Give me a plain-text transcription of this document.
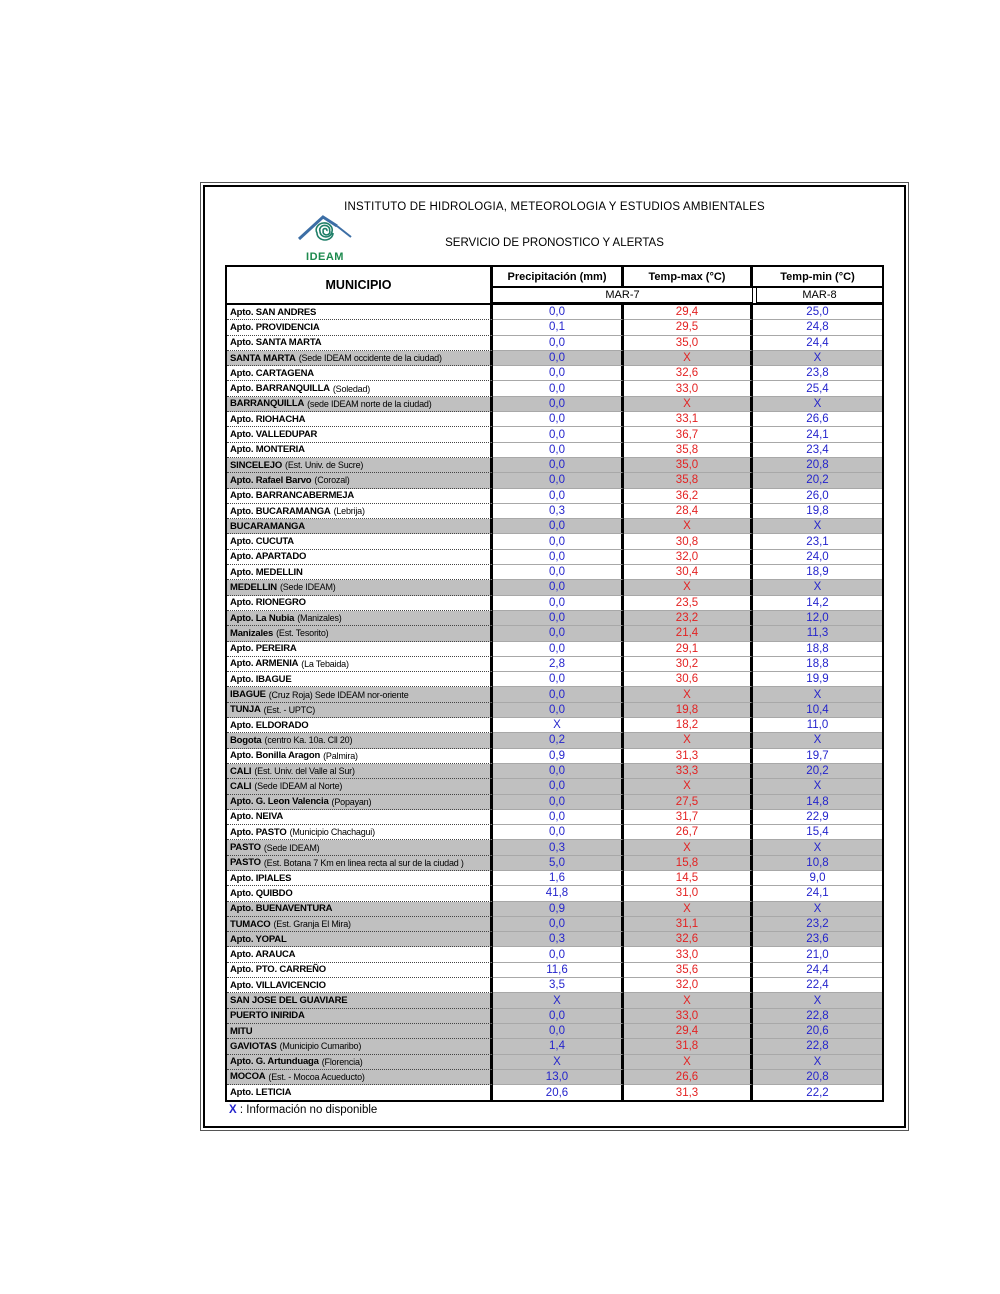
INSTITUTO DE HIDROLOGIA, METEOROLOGIA Y ESTUDIOS AMBIENTALES
IDEAM
SERVICIO DE PRONOSTICO Y ALERTAS
MUNICIPIO
Precipitación (mm)	Temp-max (°C)	Temp-min (°C)
MAR-7	MAR-8
Apto. SAN ANDRES	0,0	29,4	25,0
Apto. PROVIDENCIA	0,1	29,5	24,8
Apto. SANTA MARTA	0,0	35,0	24,4
SANTA MARTA (Sede IDEAM occidente de la ciudad)	0,0	X	X
Apto. CARTAGENA	0,0	32,6	23,8
Apto. BARRANQUILLA (Soledad)	0,0	33,0	25,4
BARRANQUILLA (sede IDEAM norte de la ciudad)	0,0	X	X
Apto. RIOHACHA	0,0	33,1	26,6
Apto. VALLEDUPAR	0,0	36,7	24,1
Apto. MONTERIA	0,0	35,8	23,4
SINCELEJO (Est. Univ. de Sucre)	0,0	35,0	20,8
Apto. Rafael Barvo (Corozal)	0,0	35,8	20,2
Apto. BARRANCABERMEJA	0,0	36,2	26,0
Apto. BUCARAMANGA (Lebrija)	0,3	28,4	19,8
BUCARAMANGA	0,0	X	X
Apto. CUCUTA	0,0	30,8	23,1
Apto. APARTADO	0,0	32,0	24,0
Apto. MEDELLIN	0,0	30,4	18,9
MEDELLIN (Sede IDEAM)	0,0	X	X
Apto. RIONEGRO	0,0	23,5	14,2
Apto. La Nubia (Manizales)	0,0	23,2	12,0
Manizales (Est. Tesorito)	0,0	21,4	11,3
Apto. PEREIRA	0,0	29,1	18,8
Apto. ARMENIA (La Tebaida)	2,8	30,2	18,8
Apto. IBAGUE	0,0	30,6	19,9
IBAGUE (Cruz Roja) Sede IDEAM nor-oriente	0,0	X	X
TUNJA (Est. - UPTC)	0,0	19,8	10,4
Apto. ELDORADO	X	18,2	11,0
Bogota (centro Ka. 10a. Cll 20)	0,2	X	X
Apto. Bonilla Aragon (Palmira)	0,9	31,3	19,7
CALI (Est. Univ. del Valle al Sur)	0,0	33,3	20,2
CALI (Sede IDEAM al Norte)	0,0	X	X
Apto. G. Leon Valencia (Popayan)	0,0	27,5	14,8
Apto. NEIVA	0,0	31,7	22,9
Apto. PASTO (Municipio Chachagui)	0,0	26,7	15,4
PASTO (Sede IDEAM)	0,3	X	X
PASTO (Est. Botana 7 Km en linea recta al sur de la ciudad )	5,0	15,8	10,8
Apto. IPIALES	1,6	14,5	9,0
Apto. QUIBDO	41,8	31,0	24,1
Apto. BUENAVENTURA	0,9	X	X
TUMACO (Est. Granja El Mira)	0,0	31,1	23,2
Apto. YOPAL	0,3	32,6	23,6
Apto. ARAUCA	0,0	33,0	21,0
Apto. PTO. CARREÑO	11,6	35,6	24,4
Apto. VILLAVICENCIO	3,5	32,0	22,4
SAN JOSE DEL GUAVIARE	X	X	X
PUERTO INIRIDA	0,0	33,0	22,8
MITU	0,0	29,4	20,6
GAVIOTAS (Municipio Cumaribo)	1,4	31,8	22,8
Apto. G. Artunduaga (Florencia)	X	X	X
MOCOA (Est. - Mocoa Acueducto)	13,0	26,6	20,8
Apto. LETICIA	20,6	31,3	22,2
X : Información no disponible
